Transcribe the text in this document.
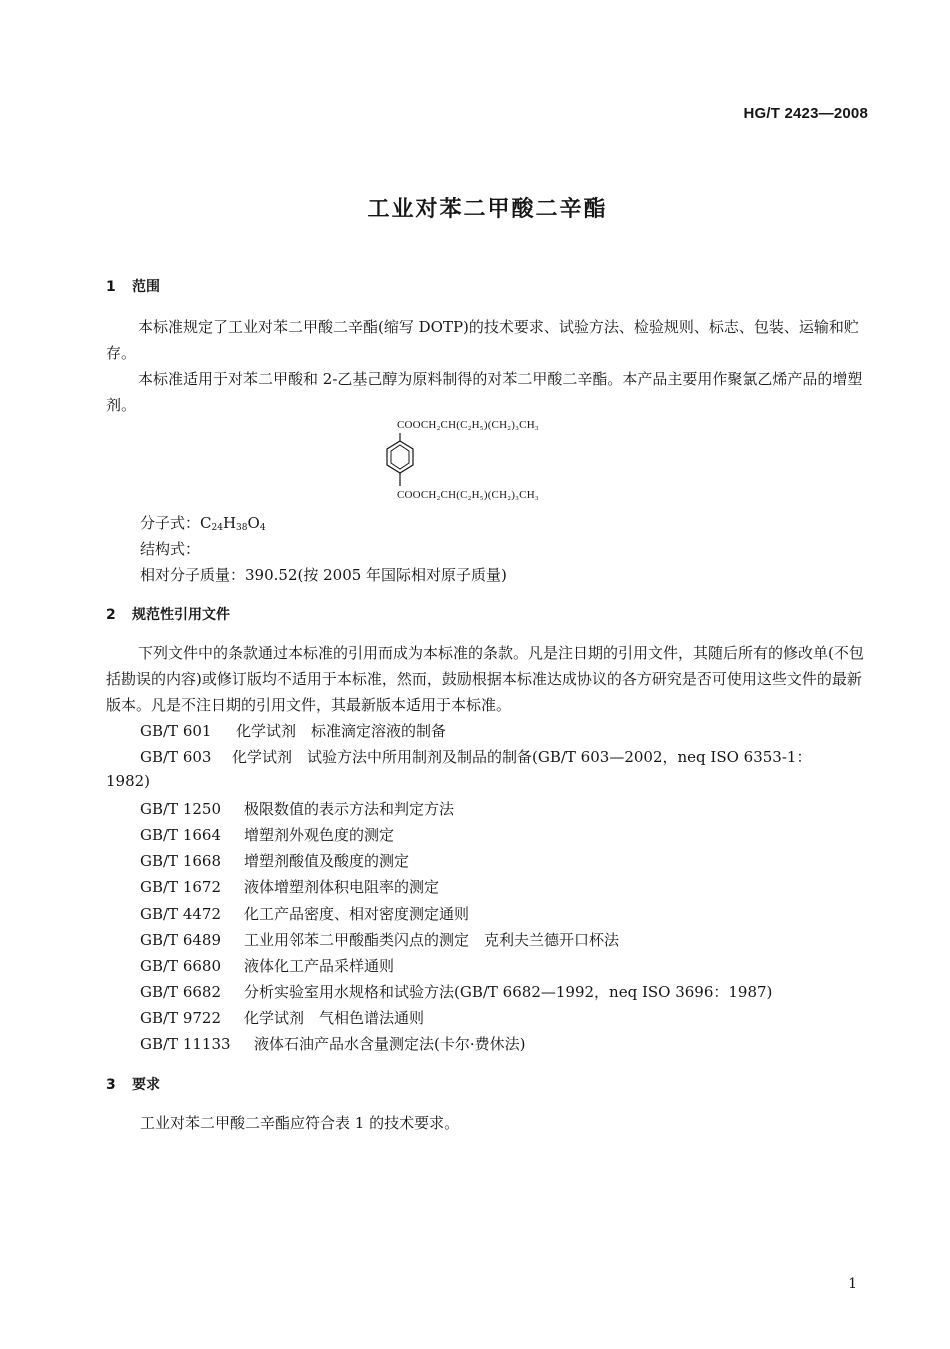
HG/T 2423—2008
工业对苯二甲酸二辛酯
1 范围
本标准规定了工业对苯二甲酸二辛酯(缩写 DOTP)的技术要求、试验方法、检验规则、标志、包装、运输和贮存。
本标准适用于对苯二甲酸和 2-乙基己醇为原料制得的对苯二甲酸二辛酯。本产品主要用作聚氯乙烯产品的增塑剂。
COOCH₂CH(C₂H₅)(CH₂)₃CH₃
COOCH₂CH(C₂H₅)(CH₂)₃CH₃
分子式：$C_{24}H_{38}O_4$
结构式：
相对分子质量：390.52(按 2005 年国际相对原子质量)
2 规范性引用文件
下列文件中的条款通过本标准的引用而成为本标准的条款。凡是注日期的引用文件，其随后所有的修改单(不包括勘误的内容)或修订版均不适用于本标准，然而，鼓励根据本标准达成协议的各方研究是否可使用这些文件的最新版本。凡是不注日期的引用文件，其最新版本适用于本标准。
GB/T 601 化学试剂　标准滴定溶液的制备
GB/T 603 化学试剂　试验方法中所用制剂及制品的制备(GB/T 603—2002，neq ISO 6353-1：
1982)
GB/T 1250 极限数值的表示方法和判定方法
GB/T 1664 增塑剂外观色度的测定
GB/T 1668 增塑剂酸值及酸度的测定
GB/T 1672 液体增塑剂体积电阻率的测定
GB/T 4472 化工产品密度、相对密度测定通则
GB/T 6489 工业用邻苯二甲酸酯类闪点的测定　克利夫兰德开口杯法
GB/T 6680 液体化工产品采样通则
GB/T 6682 分析实验室用水规格和试验方法(GB/T 6682—1992，neq ISO 3696：1987)
GB/T 9722 化学试剂　气相色谱法通则
GB/T 11133 液体石油产品水含量测定法(卡尔·费休法)
3 要求
工业对苯二甲酸二辛酯应符合表 1 的技术要求。
1
